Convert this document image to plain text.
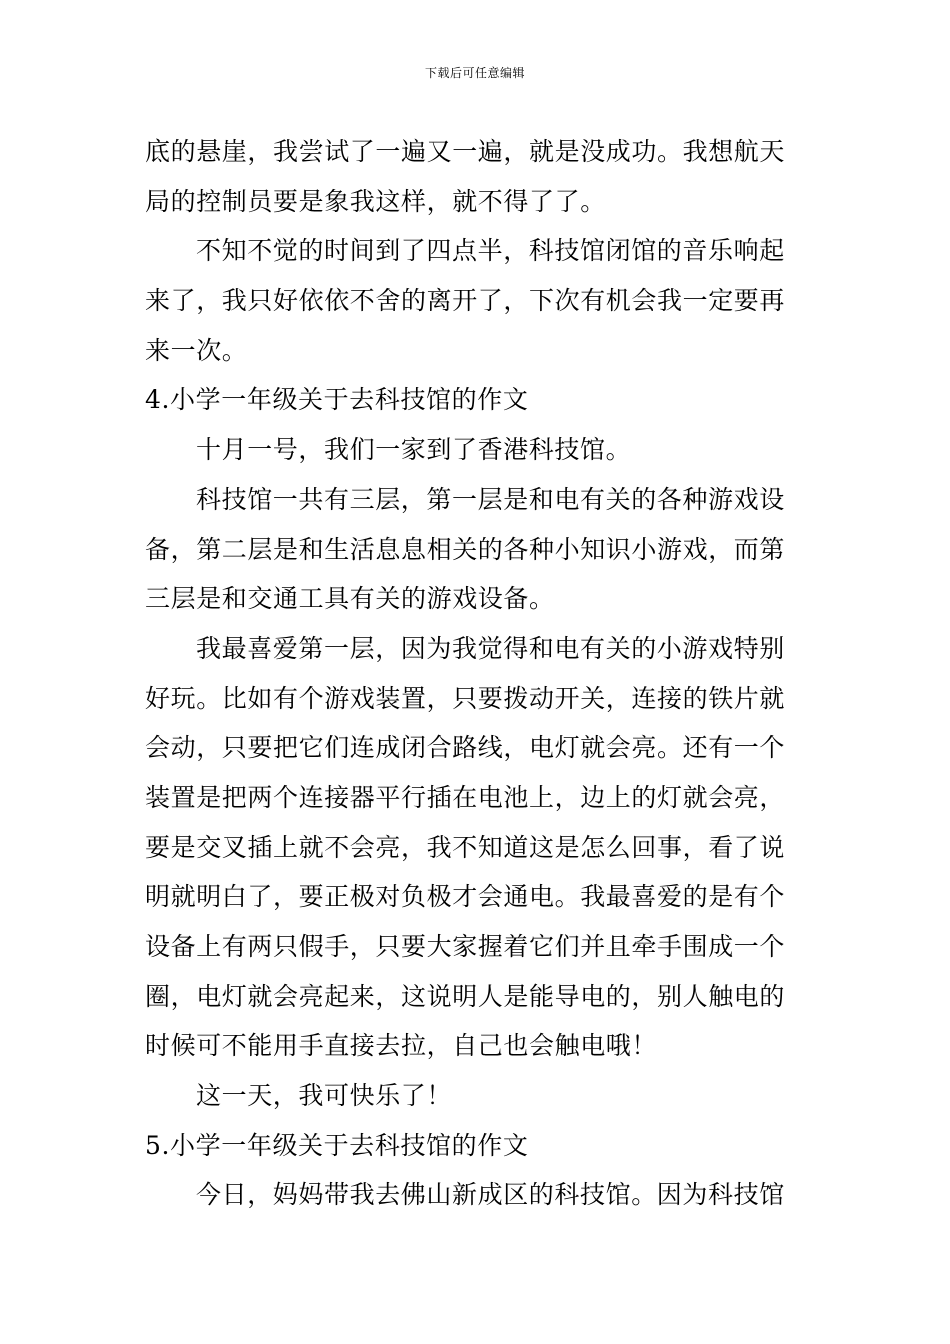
下载后可任意编辑
底的悬崖，我尝试了一遍又一遍，就是没成功。我想航天
局的控制员要是象我这样，就不得了了。
不知不觉的时间到了四点半，科技馆闭馆的音乐响起
来了，我只好依依不舍的离开了，下次有机会我一定要再
来一次。
4.小学一年级关于去科技馆的作文
十月一号，我们一家到了香港科技馆。
科技馆一共有三层，第一层是和电有关的各种游戏设
备，第二层是和生活息息相关的各种小知识小游戏，而第
三层是和交通工具有关的游戏设备。
我最喜爱第一层，因为我觉得和电有关的小游戏特别
好玩。比如有个游戏装置，只要拨动开关，连接的铁片就
会动，只要把它们连成闭合路线，电灯就会亮。还有一个
装置是把两个连接器平行插在电池上，边上的灯就会亮，
要是交叉插上就不会亮，我不知道这是怎么回事，看了说
明就明白了，要正极对负极才会通电。我最喜爱的是有个
设备上有两只假手，只要大家握着它们并且牵手围成一个
圈，电灯就会亮起来，这说明人是能导电的，别人触电的
时候可不能用手直接去拉，自己也会触电哦！
这一天，我可快乐了！
5.小学一年级关于去科技馆的作文
今日，妈妈带我去佛山新成区的科技馆。因为科技馆
